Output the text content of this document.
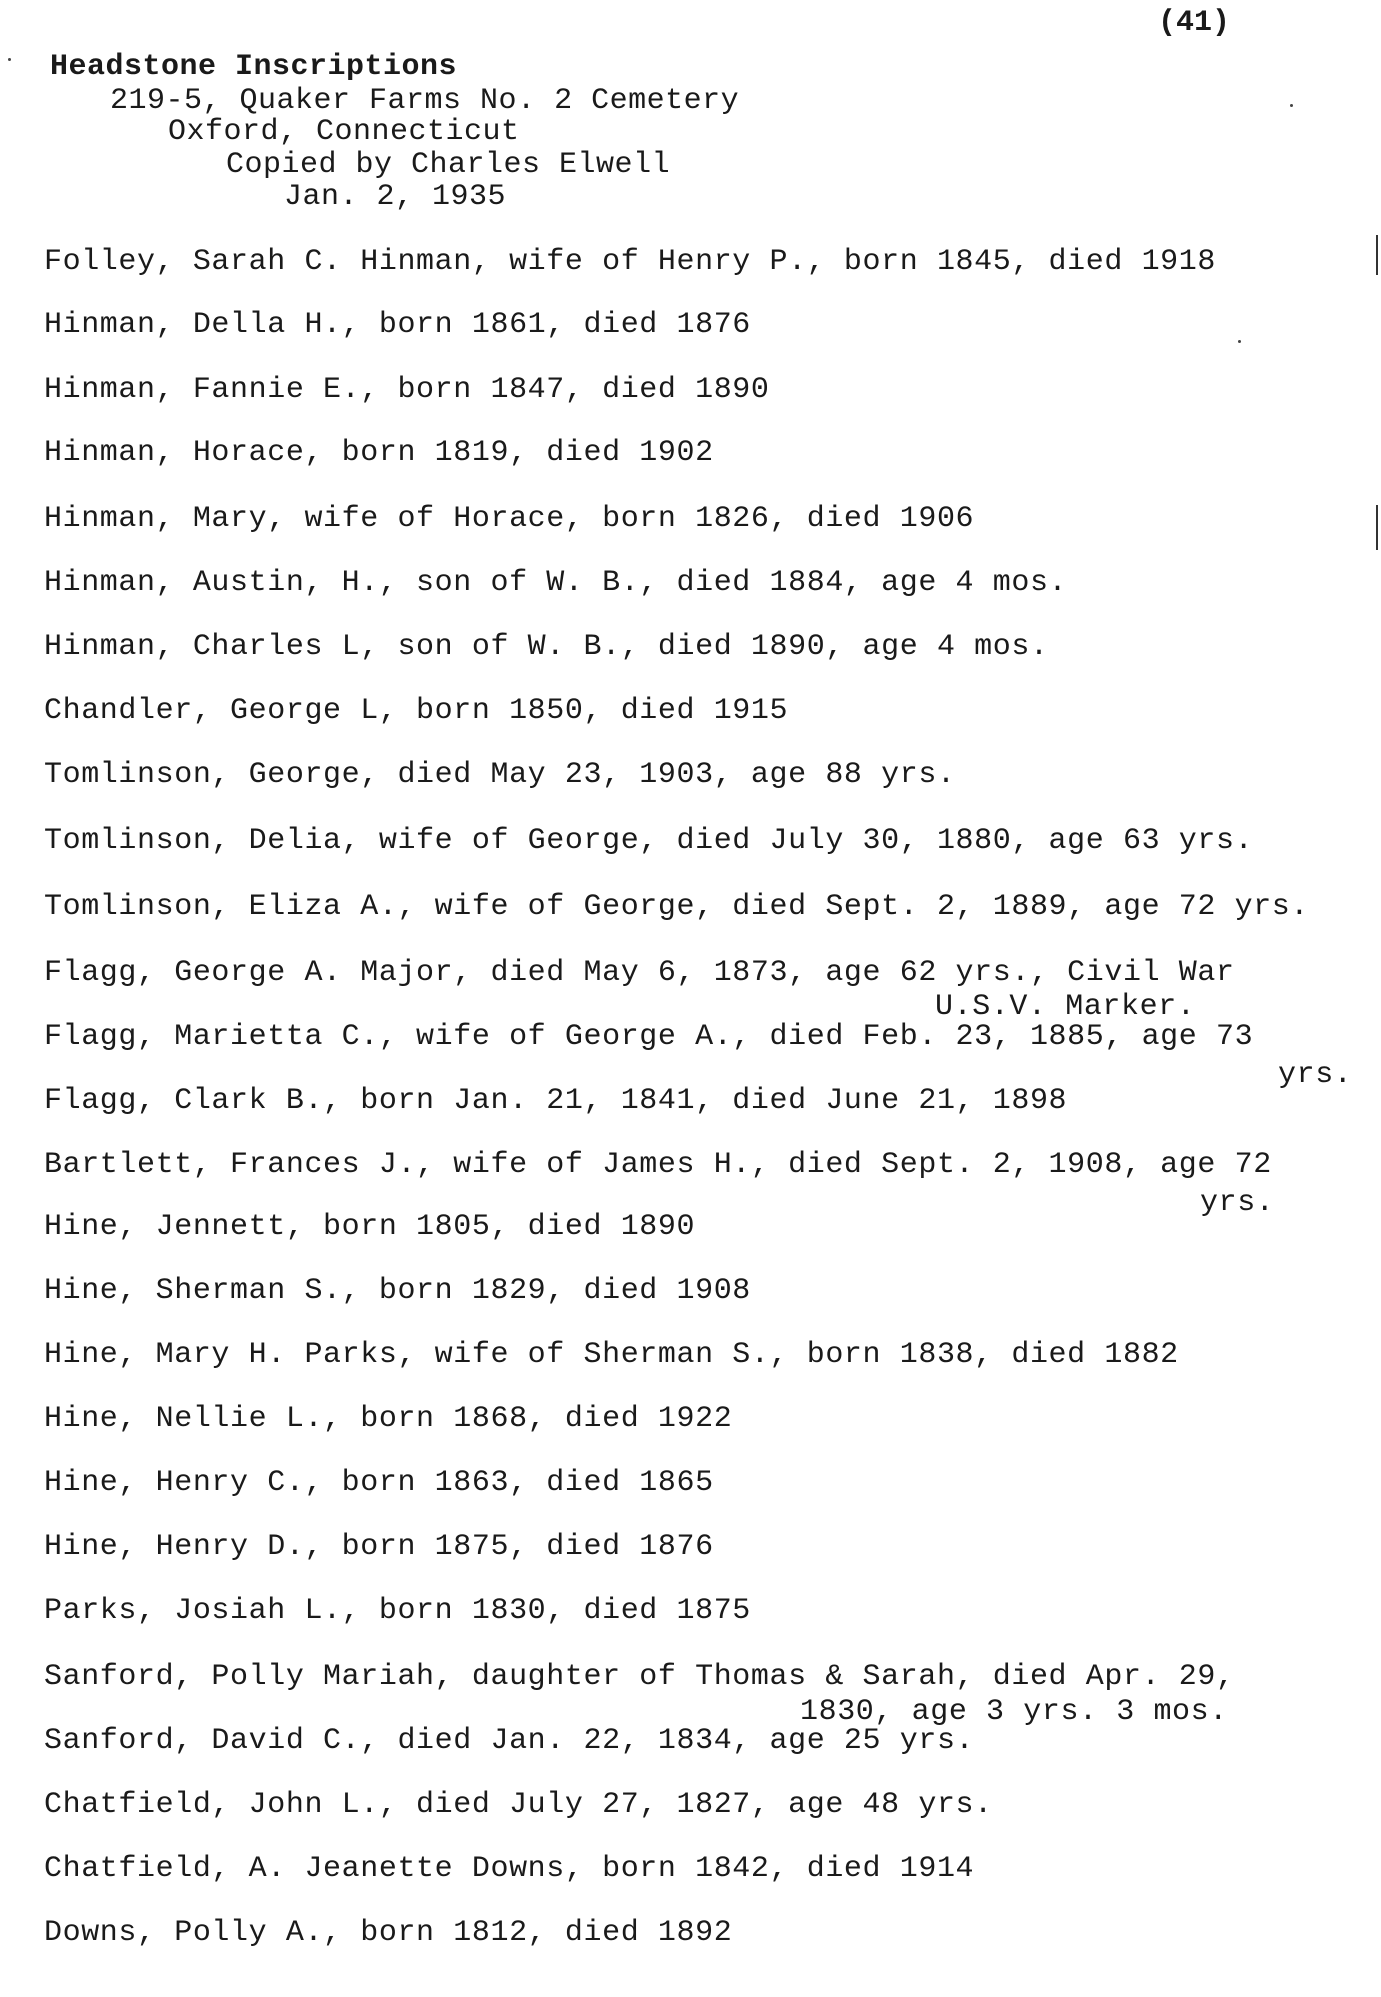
(41)
Headstone Inscriptions
219-5, Quaker Farms No. 2 Cemetery
Oxford, Connecticut
Copied by Charles Elwell
Jan. 2, 1935
Folley, Sarah C. Hinman, wife of Henry P., born 1845, died 1918
Hinman, Della H., born 1861, died 1876
Hinman, Fannie E., born 1847, died 1890
Hinman, Horace, born 1819, died 1902
Hinman, Mary, wife of Horace, born 1826, died 1906
Hinman, Austin, H., son of W. B., died 1884, age 4 mos.
Hinman, Charles L, son of W. B., died 1890, age 4 mos.
Chandler, George L, born 1850, died 1915
Tomlinson, George, died May 23, 1903, age 88 yrs.
Tomlinson, Delia, wife of George, died July 30, 1880, age 63 yrs.
Tomlinson, Eliza A., wife of George, died Sept. 2, 1889, age 72 yrs.
Flagg, George A. Major, died May 6, 1873, age 62 yrs., Civil War
U.S.V. Marker.
Flagg, Marietta C., wife of George A., died Feb. 23, 1885, age 73
yrs.
Flagg, Clark B., born Jan. 21, 1841, died June 21, 1898
Bartlett, Frances J., wife of James H., died Sept. 2, 1908, age 72
yrs.
Hine, Jennett, born 1805, died 1890
Hine, Sherman S., born 1829, died 1908
Hine, Mary H. Parks, wife of Sherman S., born 1838, died 1882
Hine, Nellie L., born 1868, died 1922
Hine, Henry C., born 1863, died 1865
Hine, Henry D., born 1875, died 1876
Parks, Josiah L., born 1830, died 1875
Sanford, Polly Mariah, daughter of Thomas & Sarah, died Apr. 29,
1830, age 3 yrs. 3 mos.
Sanford, David C., died Jan. 22, 1834, age 25 yrs.
Chatfield, John L., died July 27, 1827, age 48 yrs.
Chatfield, A. Jeanette Downs, born 1842, died 1914
Downs, Polly A., born 1812, died 1892
